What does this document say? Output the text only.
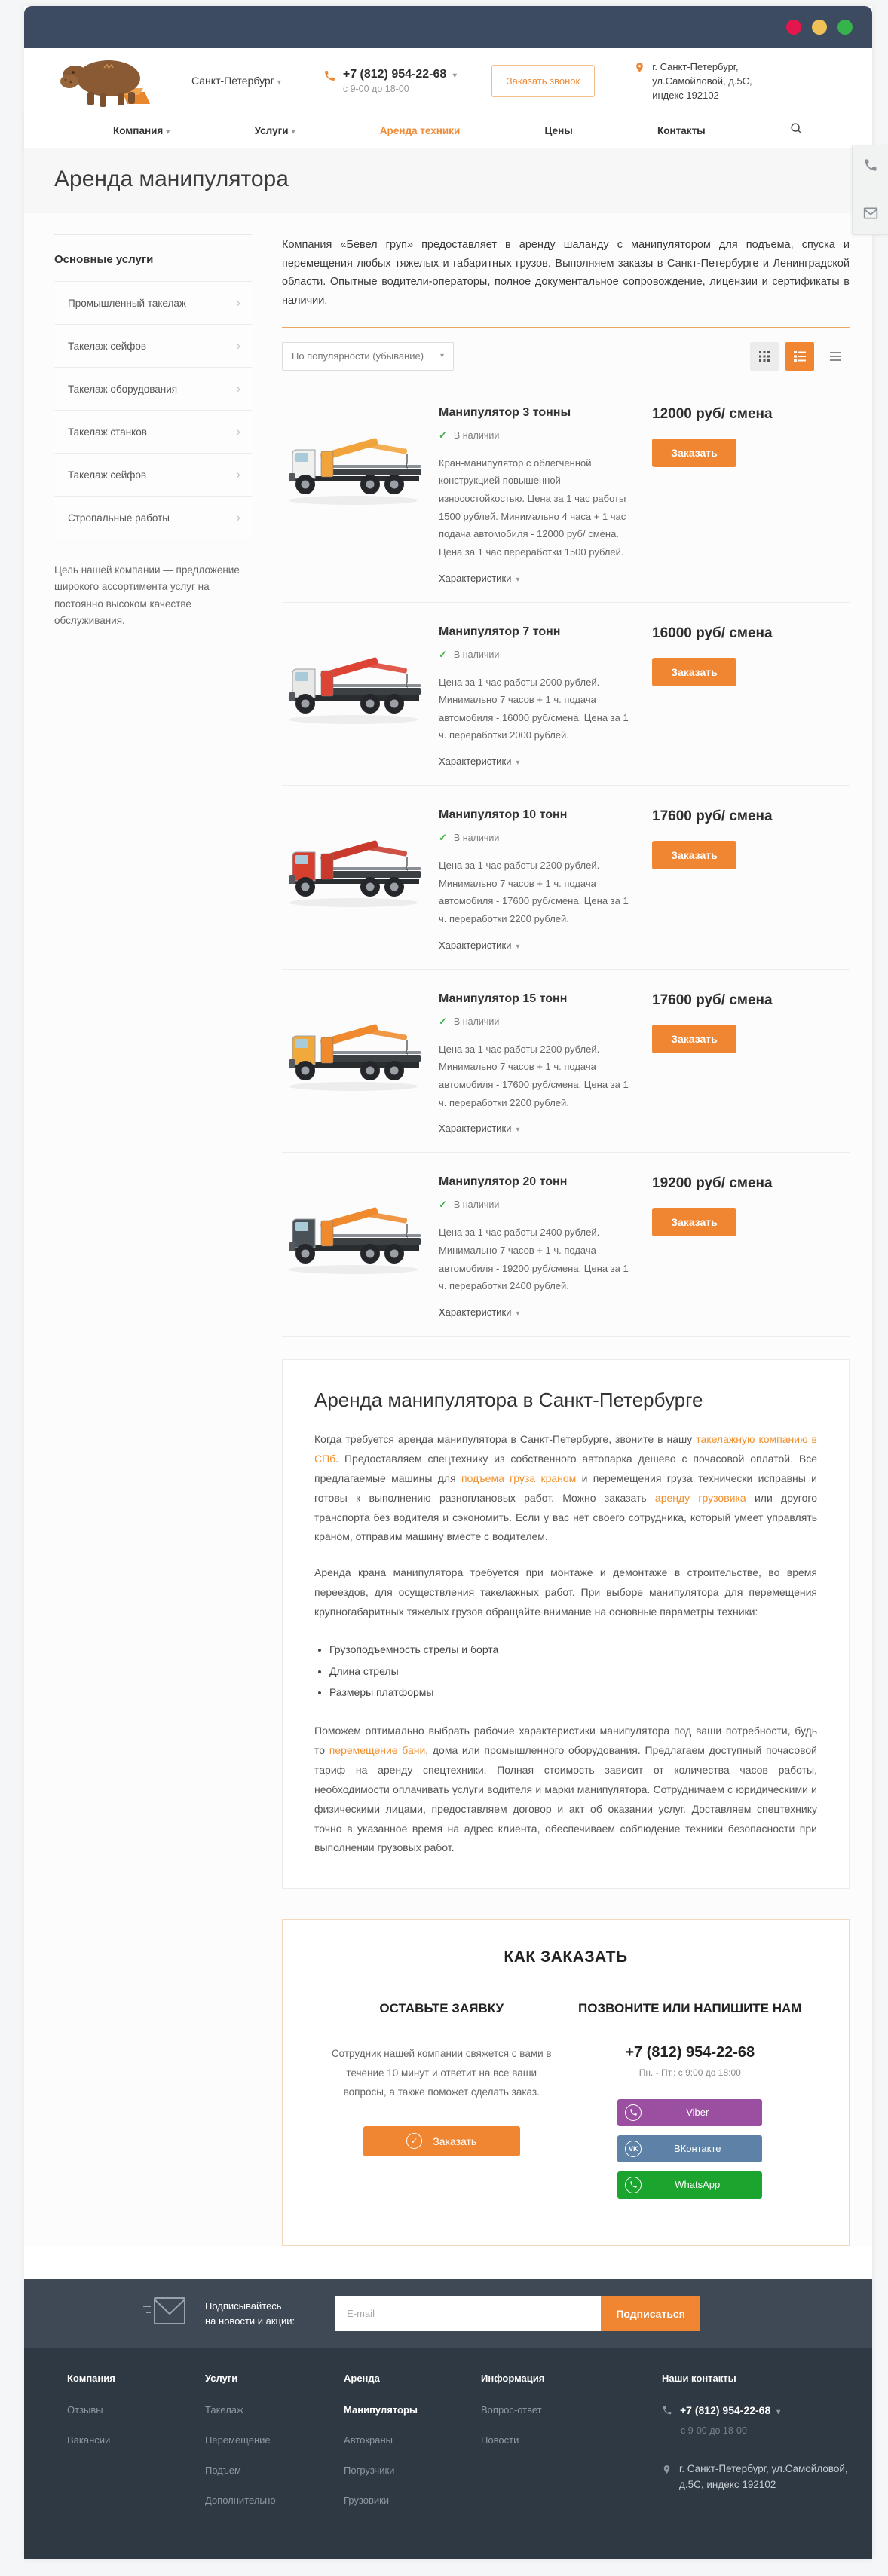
Санкт-Петербург ▾
+7 (812) 954-22-68 ▾
с 9-00 до 18-00
Заказать звонок
г. Санкт-Петербург,
ул.Самойловой, д.5С,
индекс 192102
Компания ▾	Услуги ▾	Аренда техники	Цены	Контакты
Аренда манипулятора
Основные услуги
Промышленный такелаж	›
Такелаж сейфов	›
Такелаж оборудования	›
Такелаж станков	›
Такелаж сейфов	›
Стропальные работы	›

Цель нашей компании — предложение широкого ассортимента услуг на постоянно высоком качестве обслуживания.

Компания «Бевел груп» предоставляет в аренду шаланду с манипулятором для подъема, спуска и перемещения любых тяжелых и габаритных грузов. Выполняем заказы в Санкт-Петербурге и Ленинградской области. Опытные водители-операторы, полное документальное сопровождение, лицензии и сертификаты в наличии.

По популярности (убывание) ▾
Манипулятор 3 тонны
✓ В наличии
Кран-манипулятор с облегченной конструкцией повышенной износостойкостью. Цена за 1 час работы 1500 рублей. Минимально 4 часа + 1 час подача автомобиля - 12000 руб/ смена. Цена за 1 час переработки 1500 рублей.
Характеристики ▾
12000 руб/ смена
Заказать
Манипулятор 7 тонн
✓ В наличии
Цена за 1 час работы 2000 рублей. Минимально 7 часов + 1 ч. подача автомобиля - 16000 руб/смена. Цена за 1 ч. переработки 2000 рублей.
Характеристики ▾
16000 руб/ смена
Заказать
Манипулятор 10 тонн
✓ В наличии
Цена за 1 час работы 2200 рублей. Минимально 7 часов + 1 ч. подача автомобиля - 17600 руб/смена. Цена за 1 ч. переработки 2200 рублей.
Характеристики ▾
17600 руб/ смена
Заказать
Манипулятор 15 тонн
✓ В наличии
Цена за 1 час работы 2200 рублей. Минимально 7 часов + 1 ч. подача автомобиля - 17600 руб/смена. Цена за 1 ч. переработки 2200 рублей.
Характеристики ▾
17600 руб/ смена
Заказать
Манипулятор 20 тонн
✓ В наличии
Цена за 1 час работы 2400 рублей. Минимально 7 часов + 1 ч. подача автомобиля - 19200 руб/смена. Цена за 1 ч. переработки 2400 рублей.
Характеристики ▾
19200 руб/ смена
Заказать
Аренда манипулятора в Санкт-Петербурге

Когда требуется аренда манипулятора в Санкт-Петербурге, звоните в нашу такелажную компанию в СПб. Предоставляем спецтехнику из собственного автопарка дешево с почасовой оплатой. Все предлагаемые машины для подъема груза краном и перемещения груза технически исправны и готовы к выполнению разноплановых работ. Можно заказать аренду грузовика или другого транспорта без водителя и сэкономить. Если у вас нет своего сотрудника, который умеет управлять краном, отправим машину вместе с водителем.

Аренда крана манипулятора требуется при монтаже и демонтаже в строительстве, во время переездов, для осуществления такелажных работ. При выборе манипулятора для перемещения крупногабаритных тяжелых грузов обращайте внимание на основные параметры техники:

• Грузоподъемность стрелы и борта
• Длина стрелы
• Размеры платформы

Поможем оптимально выбрать рабочие характеристики манипулятора под ваши потребности, будь то перемещение бани, дома или промышленного оборудования. Предлагаем доступный почасовой тариф на аренду спецтехники. Полная стоимость зависит от количества часов работы, необходимости оплачивать услуги водителя и марки манипулятора. Сотрудничаем с юридическими и физическими лицами, предоставляем договор и акт об оказании услуг. Доставляем спецтехнику точно в указанное время на адрес клиента, обеспечиваем соблюдение техники безопасности при выполнении грузовых работ.

КАК ЗАКАЗАТЬ
ОСТАВЬТЕ ЗАЯВКУ

Сотрудник нашей компании свяжется с вами в течение 10 минут и ответит на все ваши вопросы, а также поможет сделать заказ.

✓	Заказать
ПОЗВОНИТЕ ИЛИ НАПИШИТЕ НАМ
+7 (812) 954-22-68
Пн. - Пт.: с 9:00 до 18:00
Viber
VK	ВКонтакте
WhatsApp
Подписывайтесь
на новости и акции:
E-mail
Подписаться
Компания
Отзывы
Вакансии
Услуги
Такелаж
Перемещение
Подъем
Дополнительно
Аренда
Манипуляторы
Автокраны
Погрузчики
Грузовики
Информация
Вопрос-ответ
Новости
Наши контакты
+7 (812) 954-22-68 ▾
с 9-00 до 18-00
г. Санкт-Петербург, ул.Самойловой,
д.5С, индекс 192102
